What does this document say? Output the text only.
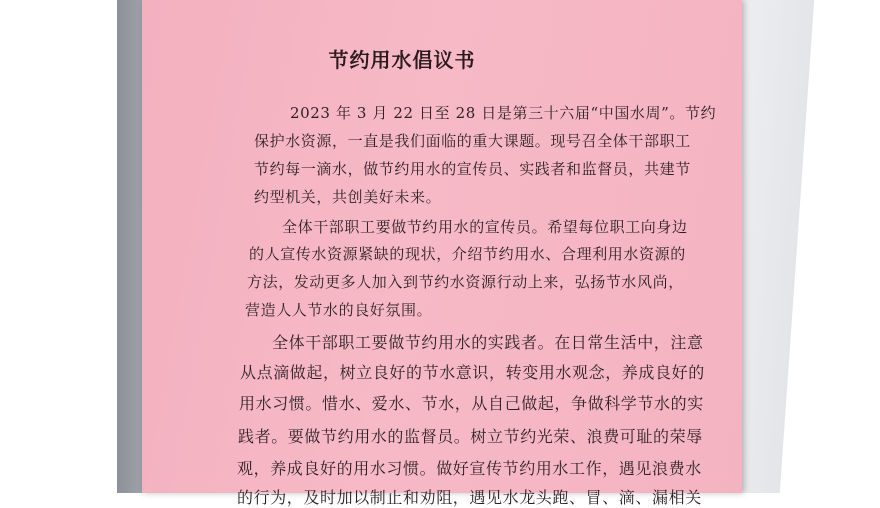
节约用水倡议书
2023 年 3 月 22 日至 28 日是第三十六届“中国水周”。节约
保护水资源，一直是我们面临的重大课题。现号召全体干部职工
节约每一滴水，做节约用水的宣传员、实践者和监督员，共建节
约型机关，共创美好未来。
全体干部职工要做节约用水的宣传员。希望每位职工向身边
的人宣传水资源紧缺的现状，介绍节约用水、合理利用水资源的
方法，发动更多人加入到节约水资源行动上来，弘扬节水风尚，
营造人人节水的良好氛围。
全体干部职工要做节约用水的实践者。在日常生活中，注意
从点滴做起，树立良好的节水意识，转变用水观念，养成良好的
用水习惯。惜水、爱水、节水，从自己做起，争做科学节水的实
践者。要做节约用水的监督员。树立节约光荣、浪费可耻的荣辱
观，养成良好的用水习惯。做好宣传节约用水工作，遇见浪费水
的行为，及时加以制止和劝阻，遇见水龙头跑、冒、滴、漏相关
